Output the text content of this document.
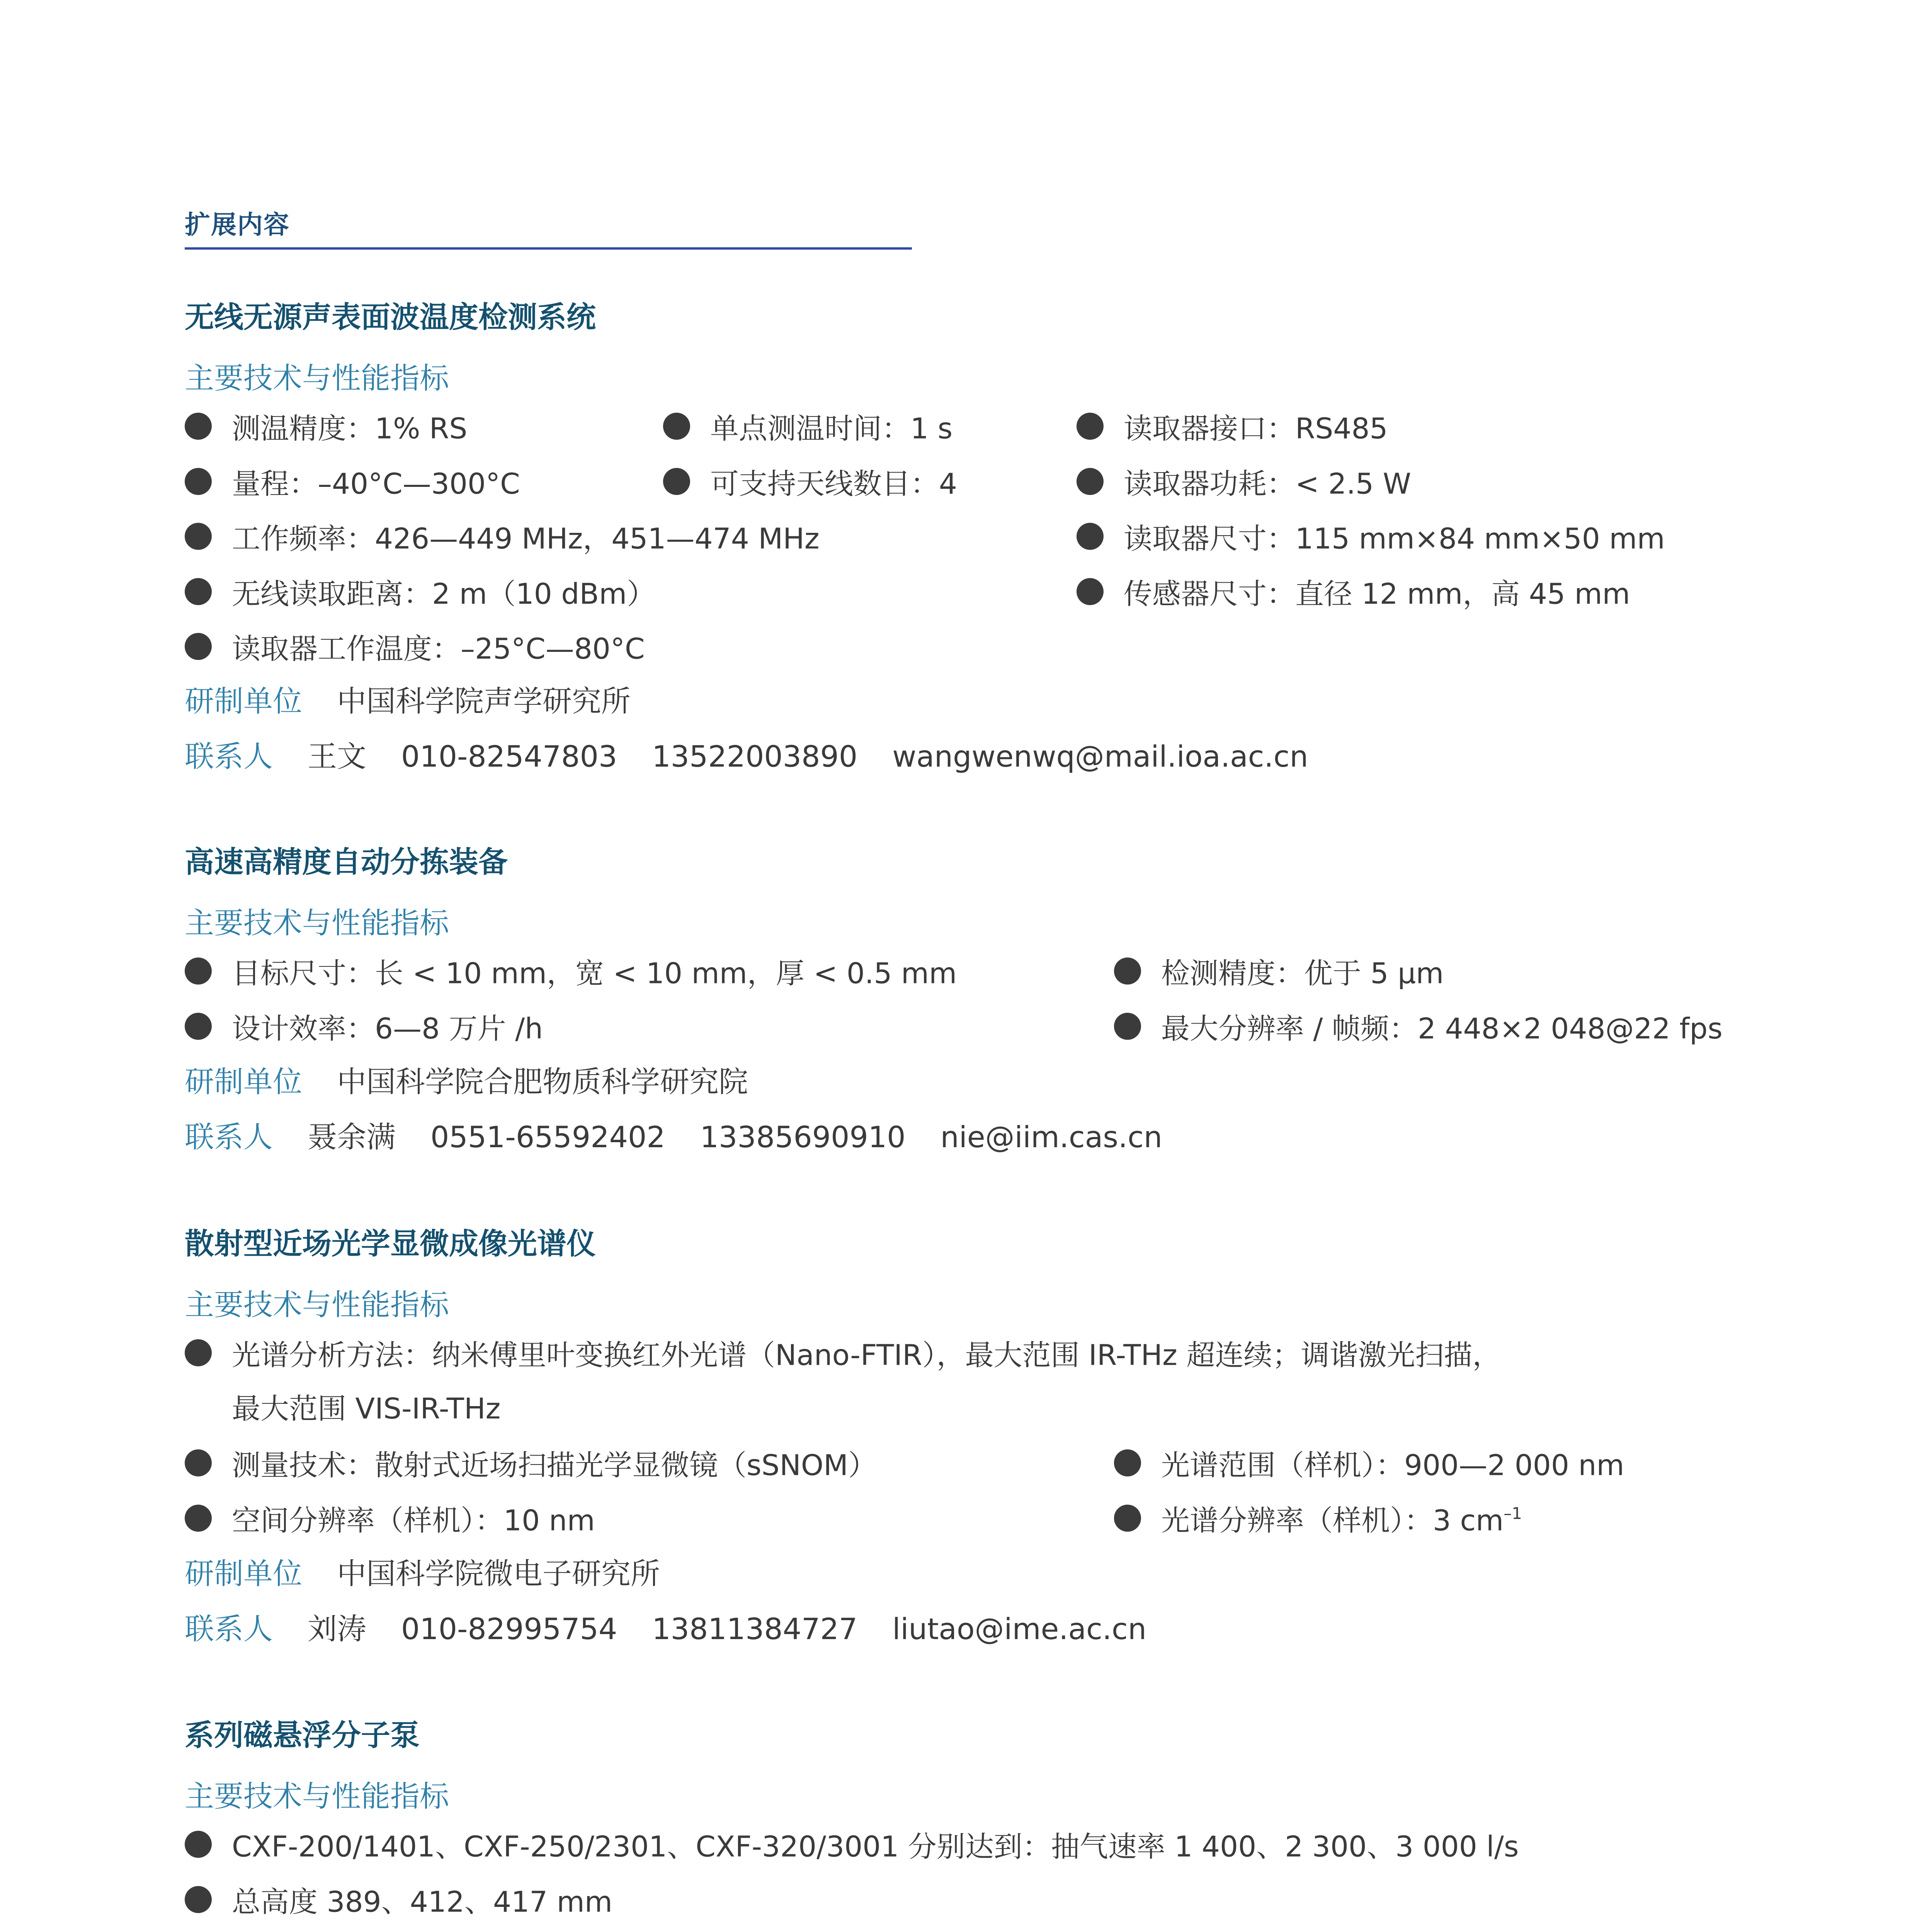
扩展内容
无线无源声表面波温度检测系统
主要技术与性能指标
测温精度：1% RS	单点测温时间：1 s	读取器接口：RS485
量程：–40°C—300°C	可支持天线数目：4	读取器功耗：< 2.5 W
工作频率：426—449 MHz，451—474 MHz	读取器尺寸：115 mm×84 mm×50 mm
无线读取距离：2 m（10 dBm）	传感器尺寸：直径 12 mm，高 45 mm
读取器工作温度：–25°C—80°C
研制单位 中国科学院声学研究所
联系人 王文 010-82547803 13522003890 wangwenwq@mail.ioa.ac.cn
高速高精度自动分拣装备
主要技术与性能指标
目标尺寸：长 < 10 mm，宽 < 10 mm，厚 < 0.5 mm	检测精度：优于 5 μm
设计效率：6—8 万片 /h	最大分辨率 / 帧频：2 448×2 048@22 fps
研制单位 中国科学院合肥物质科学研究院
联系人 聂余满 0551-65592402 13385690910 nie@iim.cas.cn
散射型近场光学显微成像光谱仪
主要技术与性能指标
光谱分析方法：纳米傅里叶变换红外光谱（Nano-FTIR），最大范围 IR-THz 超连续；调谐激光扫描，
最大范围 VIS-IR-THz
测量技术：散射式近场扫描光学显微镜（sSNOM）	光谱范围（样机）：900—2 000 nm
空间分辨率（样机）：10 nm	光谱分辨率（样机）：3 $cm^{-1}$
研制单位 中国科学院微电子研究所
联系人 刘涛 010-82995754 13811384727 liutao@ime.ac.cn
系列磁悬浮分子泵
主要技术与性能指标
CXF-200/1401、CXF-250/2301、CXF-320/3001 分别达到：抽气速率 1 400、2 300、3 000 l/s
总高度 389、412、417 mm
